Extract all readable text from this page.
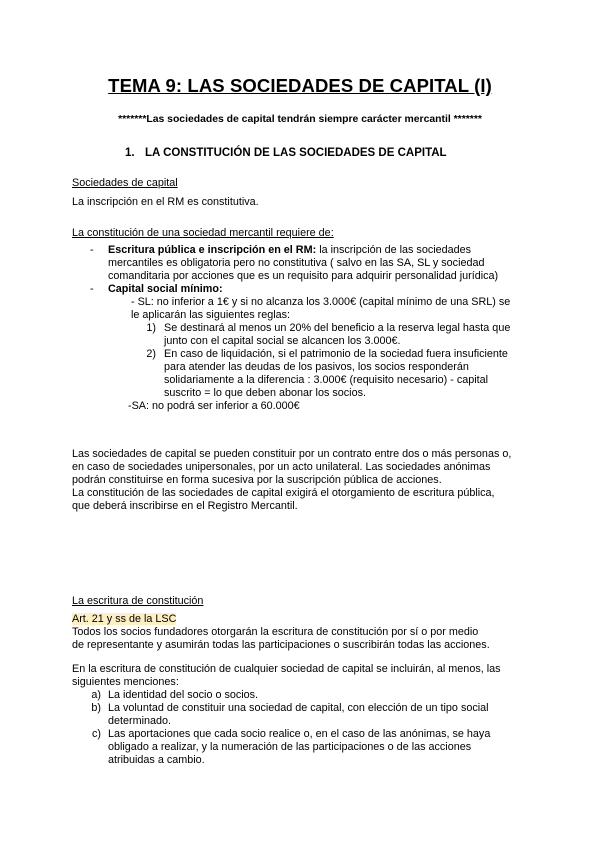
TEMA 9: LAS SOCIEDADES DE CAPITAL (I)

*******Las sociedades de capital tendrán siempre carácter mercantil *******

1. LA CONSTITUCIÓN DE LAS SOCIEDADES DE CAPITAL

Sociedades de capital

La inscripción en el RM es constitutiva.

La constitución de una sociedad mercantil requiere de:

- Escritura pública e inscripción en el RM: la inscripción de las sociedades

mercantiles es obligatoria pero no constitutiva ( salvo en las SA, SL y sociedad

comanditaria por acciones que es un requisito para adquirir personalidad jurídica)

- Capital social mínimo:

- SL: no inferior a 1€ y si no alcanza los 3.000€ (capital mínimo de una SRL) se

le aplicarán las siguientes reglas:

1) Se destinará al menos un 20% del beneficio a la reserva legal hasta que

junto con el capital social se alcancen los 3.000€.

2) En caso de liquidación, si el patrimonio de la sociedad fuera insuficiente

para atender las deudas de los pasivos, los socios responderán

solidariamente a la diferencia : 3.000€ (requisito necesario) - capital

suscrito = lo que deben abonar los socios.

-SA: no podrá ser inferior a 60.000€

Las sociedades de capital se pueden constituir por un contrato entre dos o más personas o,

en caso de sociedades unipersonales, por un acto unilateral. Las sociedades anónimas

podrán constituirse en forma sucesiva por la suscripción pública de acciones.

La constitución de las sociedades de capital exigirá el otorgamiento de escritura pública,

que deberá inscribirse en el Registro Mercantil.

La escritura de constitución

Art. 21 y ss de la LSC

Todos los socios fundadores otorgarán la escritura de constitución por sí o por medio

de representante y asumirán todas las participaciones o suscribirán todas las acciones.

En la escritura de constitución de cualquier sociedad de capital se incluirán, al menos, las

siguientes menciones:

a) La identidad del socio o socios.

b) La voluntad de constituir una sociedad de capital, con elección de un tipo social

determinado.

c) Las aportaciones que cada socio realice o, en el caso de las anónimas, se haya

obligado a realizar, y la numeración de las participaciones o de las acciones

atribuidas a cambio.
